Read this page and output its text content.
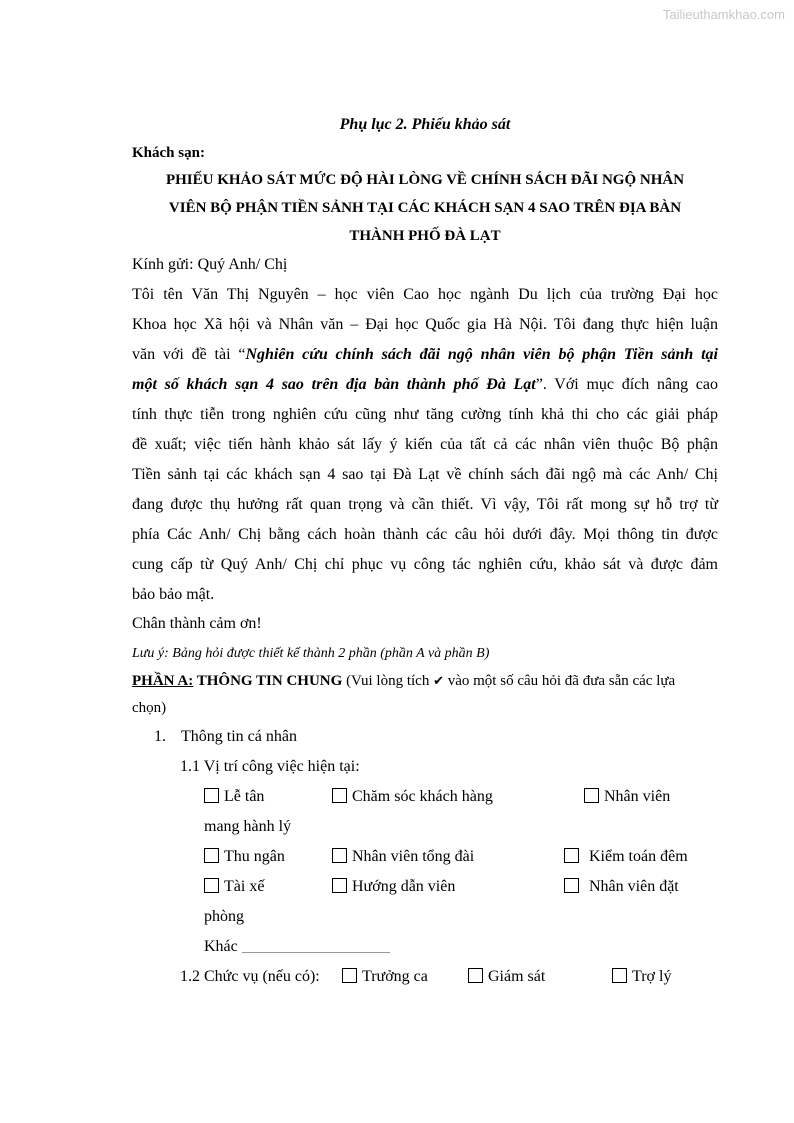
Tailieuthamkhao.com
Phụ lục 2. Phiếu khảo sát
Khách sạn:
PHIẾU KHẢO SÁT MỨC ĐỘ HÀI LÒNG VỀ CHÍNH SÁCH ĐÃI NGỘ NHÂN
VIÊN BỘ PHẬN TIỀN SẢNH TẠI CÁC KHÁCH SẠN 4 SAO TRÊN ĐỊA BÀN
THÀNH PHỐ ĐÀ LẠT
Kính gửi: Quý Anh/ Chị
Tôi tên Văn Thị Nguyên – học viên Cao học ngành Du lịch của trường Đại học
Khoa học Xã hội và Nhân văn – Đại học Quốc gia Hà Nội. Tôi đang thực hiện luận
văn với đề tài “Nghiên cứu chính sách đãi ngộ nhân viên bộ phận Tiền sảnh tại
một số khách sạn 4 sao trên địa bàn thành phố Đà Lạt”. Với mục đích nâng cao
tính thực tiễn trong nghiên cứu cũng như tăng cường tính khả thi cho các giải pháp
đề xuất; việc tiến hành khảo sát lấy ý kiến của tất cả các nhân viên thuộc Bộ phận
Tiền sảnh tại các khách sạn 4 sao tại Đà Lạt về chính sách đãi ngộ mà các Anh/ Chị
đang được thụ hưởng rất quan trọng và cần thiết. Vì vậy, Tôi rất mong sự hỗ trợ từ
phía Các Anh/ Chị bằng cách hoàn thành các câu hỏi dưới đây. Mọi thông tin được
cung cấp từ Quý Anh/ Chị chỉ phục vụ công tác nghiên cứu, khảo sát và được đảm
bảo bảo mật.
Chân thành cảm ơn!
Lưu ý: Bảng hỏi được thiết kế thành 2 phần (phần A và phần B)
PHẦN A: THÔNG TIN CHUNG (Vui lòng tích ✔ vào một số câu hỏi đã đưa sẵn các lựa
chọn)
1. Thông tin cá nhân
1.1 Vị trí công việc hiện tại:
Lễ tân	Chăm sóc khách hàng	Nhân viên
mang hành lý
Thu ngân	Nhân viên tổng đài	Kiểm toán đêm
Tài xế	Hướng dẫn viên	Nhân viên đặt
phòng
Khác
1.2 Chức vụ (nếu có):	Trưởng ca	Giám sát	Trợ lý
